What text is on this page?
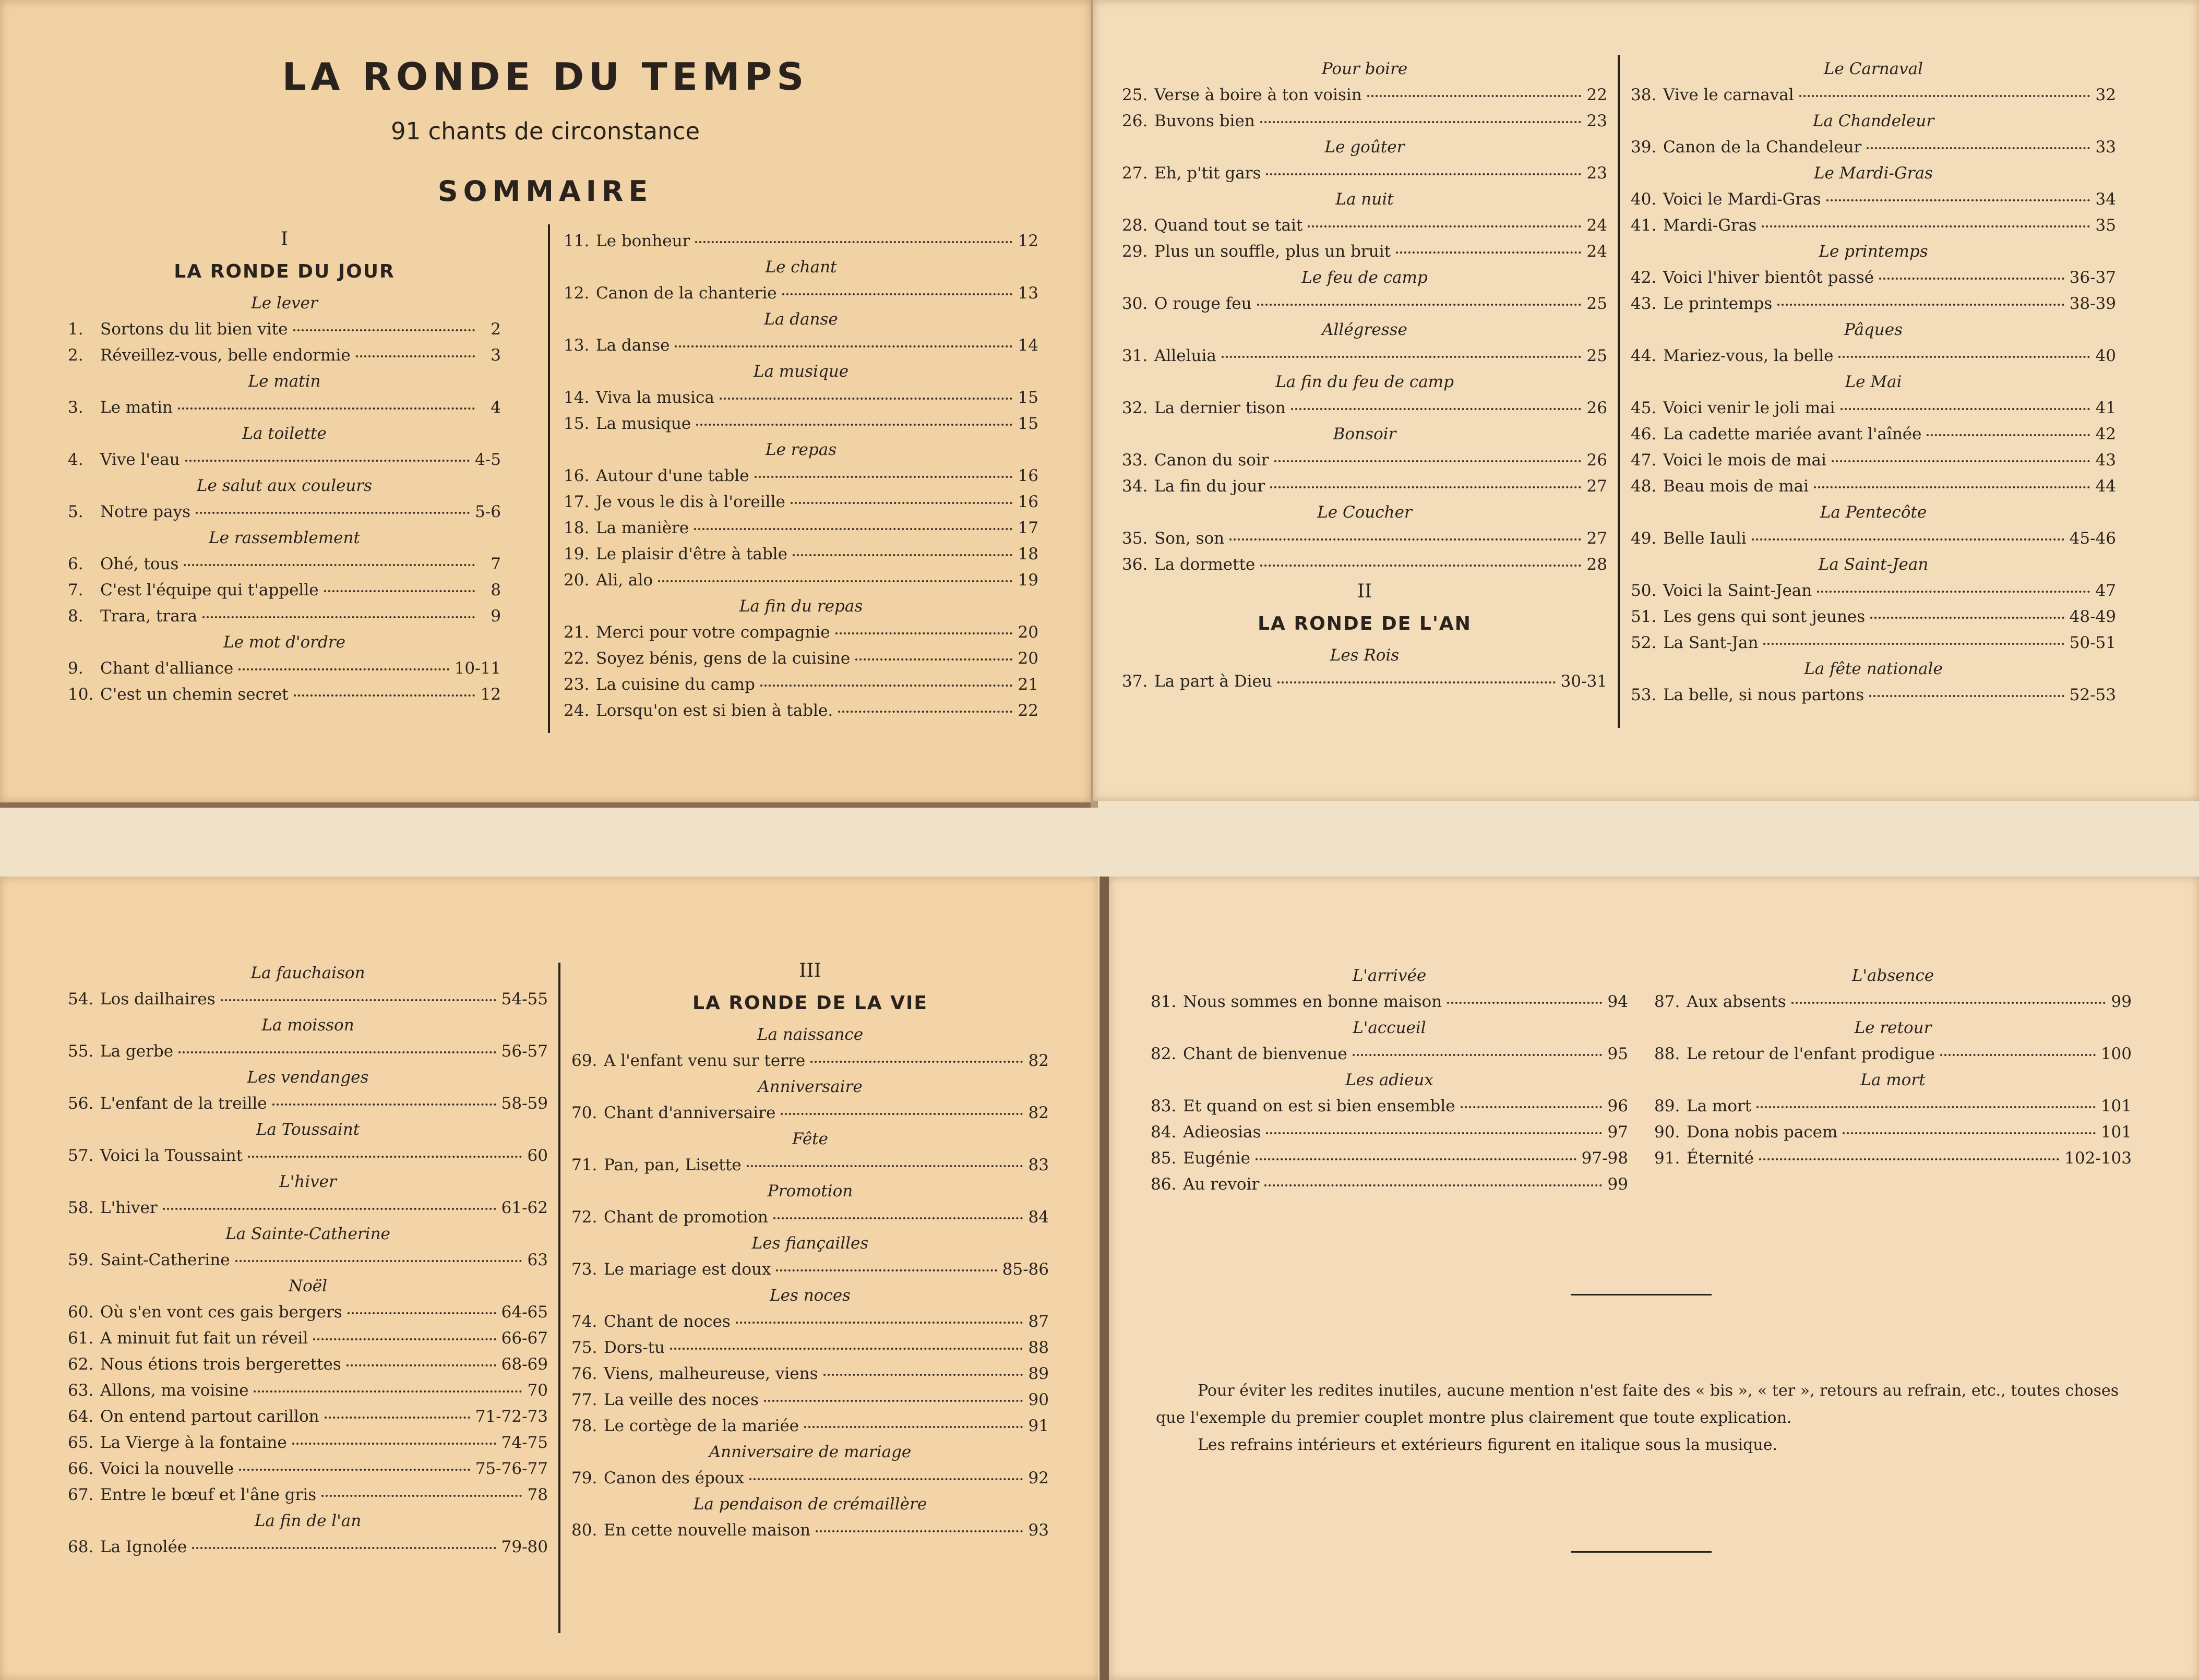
LA RONDE DU TEMPS
91 chants de circonstance
SOMMAIRE
I
LA RONDE DU JOUR
Le lever
1.	Sortons du lit bien vite	2
2.	Réveillez-vous, belle endormie	3
Le matin
3.	Le matin	4
La toilette
4.	Vive l'eau	4-5
Le salut aux couleurs
5.	Notre pays	5-6
Le rassemblement
6.	Ohé, tous	7
7.	C'est l'équipe qui t'appelle	8
8.	Trara, trara	9
Le mot d'ordre
9.	Chant d'alliance	10-11
10. C'est un chemin secret	12
11. Le bonheur	12
Le chant
12. Canon de la chanterie	13
La danse
13. La danse	14
La musique
14. Viva la musica	15
15. La musique	15
Le repas
16. Autour d'une table	16
17. Je vous le dis à l'oreille	16
18. La manière	17
19. Le plaisir d'être à table	18
20. Ali, alo	19
La fin du repas
21. Merci pour votre compagnie	20
22. Soyez bénis, gens de la cuisine	20
23. La cuisine du camp	21
24. Lorsqu'on est si bien à table.	22
Pour boire
25. Verse à boire à ton voisin	22
26. Buvons bien	23
Le goûter
27. Eh, p'tit gars	23
La nuit
28. Quand tout se tait	24
29. Plus un souffle, plus un bruit	24
Le feu de camp
30. O rouge feu	25
Allégresse
31. Alleluia	25
La fin du feu de camp
32. La dernier tison	26
Bonsoir
33. Canon du soir	26
34. La fin du jour	27
Le Coucher
35. Son, son	27
36. La dormette	28
II
LA RONDE DE L'AN
Les Rois
37. La part à Dieu	30-31
Le Carnaval
38. Vive le carnaval	32
La Chandeleur
39. Canon de la Chandeleur	33
Le Mardi-Gras
40. Voici le Mardi-Gras	34
41. Mardi-Gras	35
Le printemps
42. Voici l'hiver bientôt passé	36-37
43. Le printemps	38-39
Pâques
44. Mariez-vous, la belle	40
Le Mai
45. Voici venir le joli mai	41
46. La cadette mariée avant l'aînée	42
47. Voici le mois de mai	43
48. Beau mois de mai	44
La Pentecôte
49. Belle Iauli	45-46
La Saint-Jean
50. Voici la Saint-Jean	47
51. Les gens qui sont jeunes	48-49
52. La Sant-Jan	50-51
La fête nationale
53. La belle, si nous partons	52-53
La fauchaison
54. Los dailhaires	54-55
La moisson
55. La gerbe	56-57
Les vendanges
56. L'enfant de la treille	58-59
La Toussaint
57. Voici la Toussaint	60
L'hiver
58. L'hiver	61-62
La Sainte-Catherine
59. Saint-Catherine	63
Noël
60. Où s'en vont ces gais bergers	64-65
61. A minuit fut fait un réveil	66-67
62. Nous étions trois bergerettes	68-69
63. Allons, ma voisine	70
64. On entend partout carillon	71-72-73
65. La Vierge à la fontaine	74-75
66. Voici la nouvelle	75-76-77
67. Entre le bœuf et l'âne gris	78
La fin de l'an
68. La Ignolée	79-80
III
LA RONDE DE LA VIE
La naissance
69. A l'enfant venu sur terre	82
Anniversaire
70. Chant d'anniversaire	82
Fête
71. Pan, pan, Lisette	83
Promotion
72. Chant de promotion	84
Les fiançailles
73. Le mariage est doux	85-86
Les noces
74. Chant de noces	87
75. Dors-tu	88
76. Viens, malheureuse, viens	89
77. La veille des noces	90
78. Le cortège de la mariée	91
Anniversaire de mariage
79. Canon des époux	92
La pendaison de crémaillère
80. En cette nouvelle maison	93
L'arrivée
81. Nous sommes en bonne maison	94
L'accueil
82. Chant de bienvenue	95
Les adieux
83. Et quand on est si bien ensemble	96
84. Adieosias	97
85. Eugénie	97-98
86. Au revoir	99
L'absence
87. Aux absents	99
Le retour
88. Le retour de l'enfant prodigue	100
La mort
89. La mort	101
90. Dona nobis pacem	101
91. Éternité	102-103

Pour éviter les redites inutiles, aucune mention n'est faite des « bis », « ter », retours au refrain, etc., toutes choses que l'exemple du premier couplet montre plus clairement que toute explication.

Les refrains intérieurs et extérieurs figurent en italique sous la musique.
